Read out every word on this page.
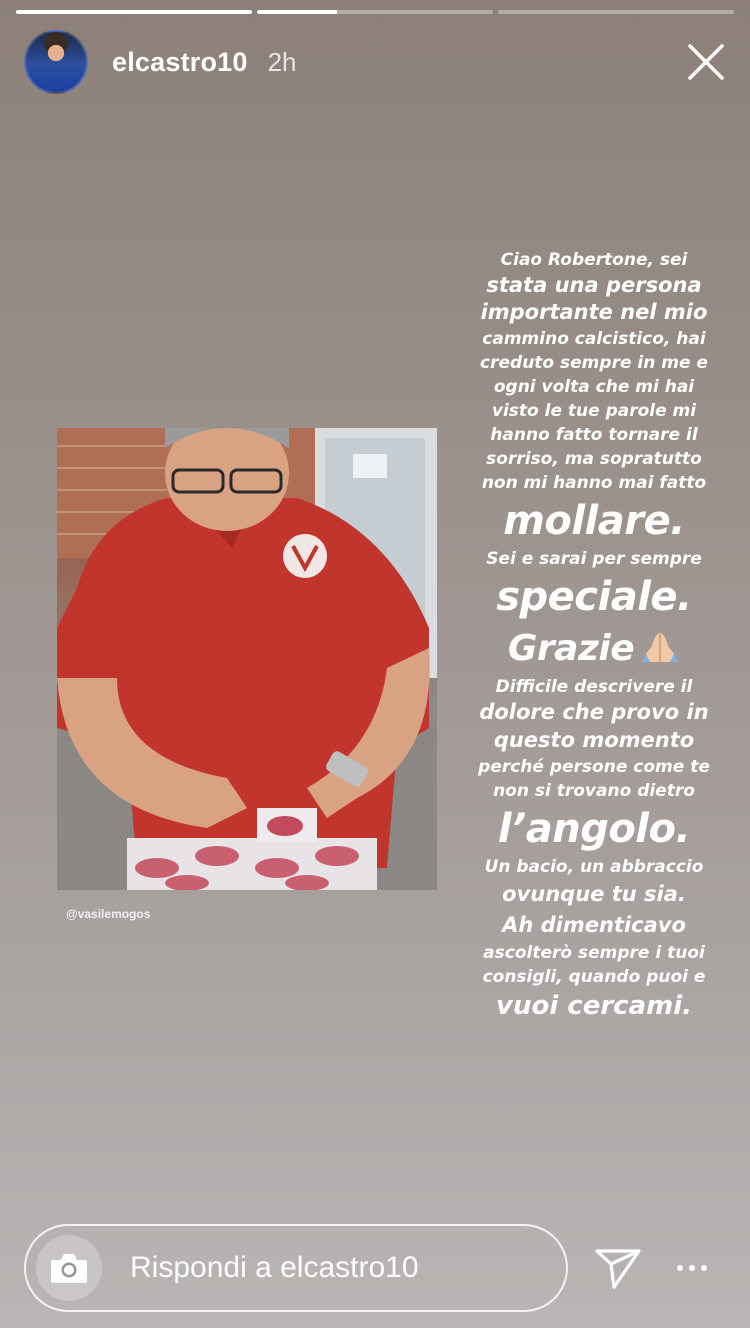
elcastro10 2h
@vasilemogos
Ciao Robertone, sei
stata una persona
importante nel mio
cammino calcistico, hai
creduto sempre in me e
ogni volta che mi hai
visto le tue parole mi
hanno fatto tornare il
sorriso, ma sopratutto
non mi hanno mai fatto
mollare.
Sei e sarai per sempre
speciale.
Grazie
Difficile descrivere il
dolore che provo in
questo momento
perché persone come te
non si trovano dietro
l’angolo.
Un bacio, un abbraccio
ovunque tu sia.
Ah dimenticavo
ascolterò sempre i tuoi
consigli, quando puoi e
vuoi cercami.
Rispondi a elcastro10
